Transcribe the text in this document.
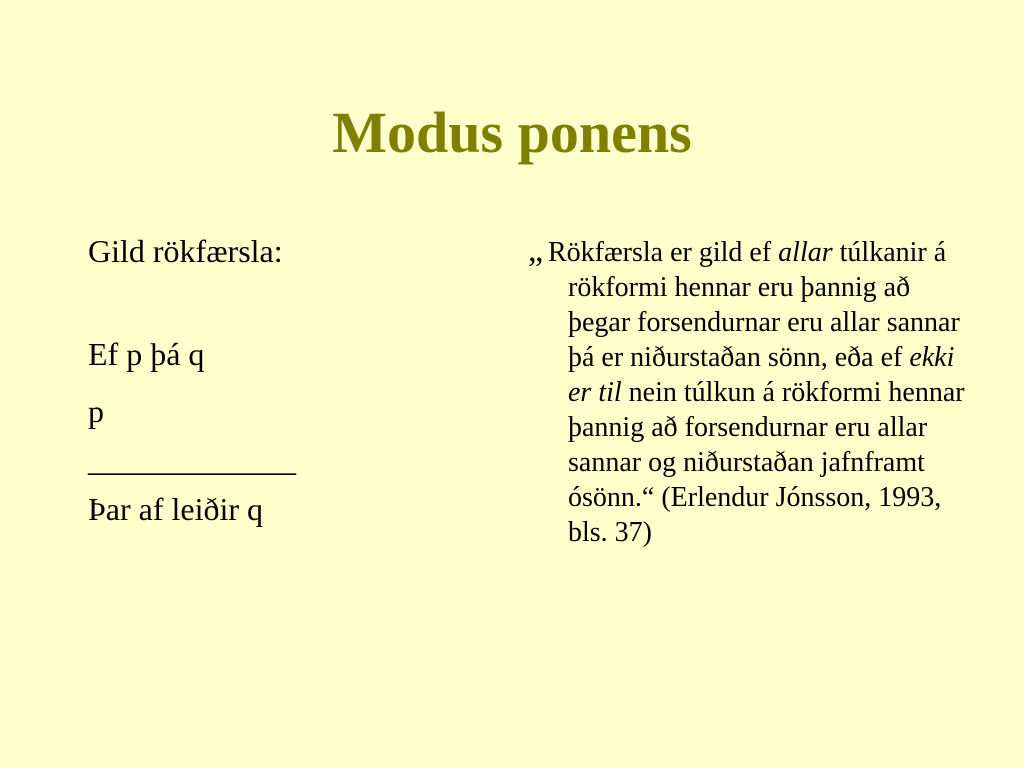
Modus ponens

Gild rökfærsla:

Ef p þá q

p

_____________

Þar af leiðir q

„ Rökfærsla er gild ef allar túlkanir á rökformi hennar eru þannig að þegar forsendurnar eru allar sannar þá er niðurstaðan sönn, eða ef ekki er til nein túlkun á rökformi hennar þannig að forsendurnar eru allar sannar og niðurstaðan jafnframt ósönn.“ (Erlendur Jónsson, 1993, bls. 37)
